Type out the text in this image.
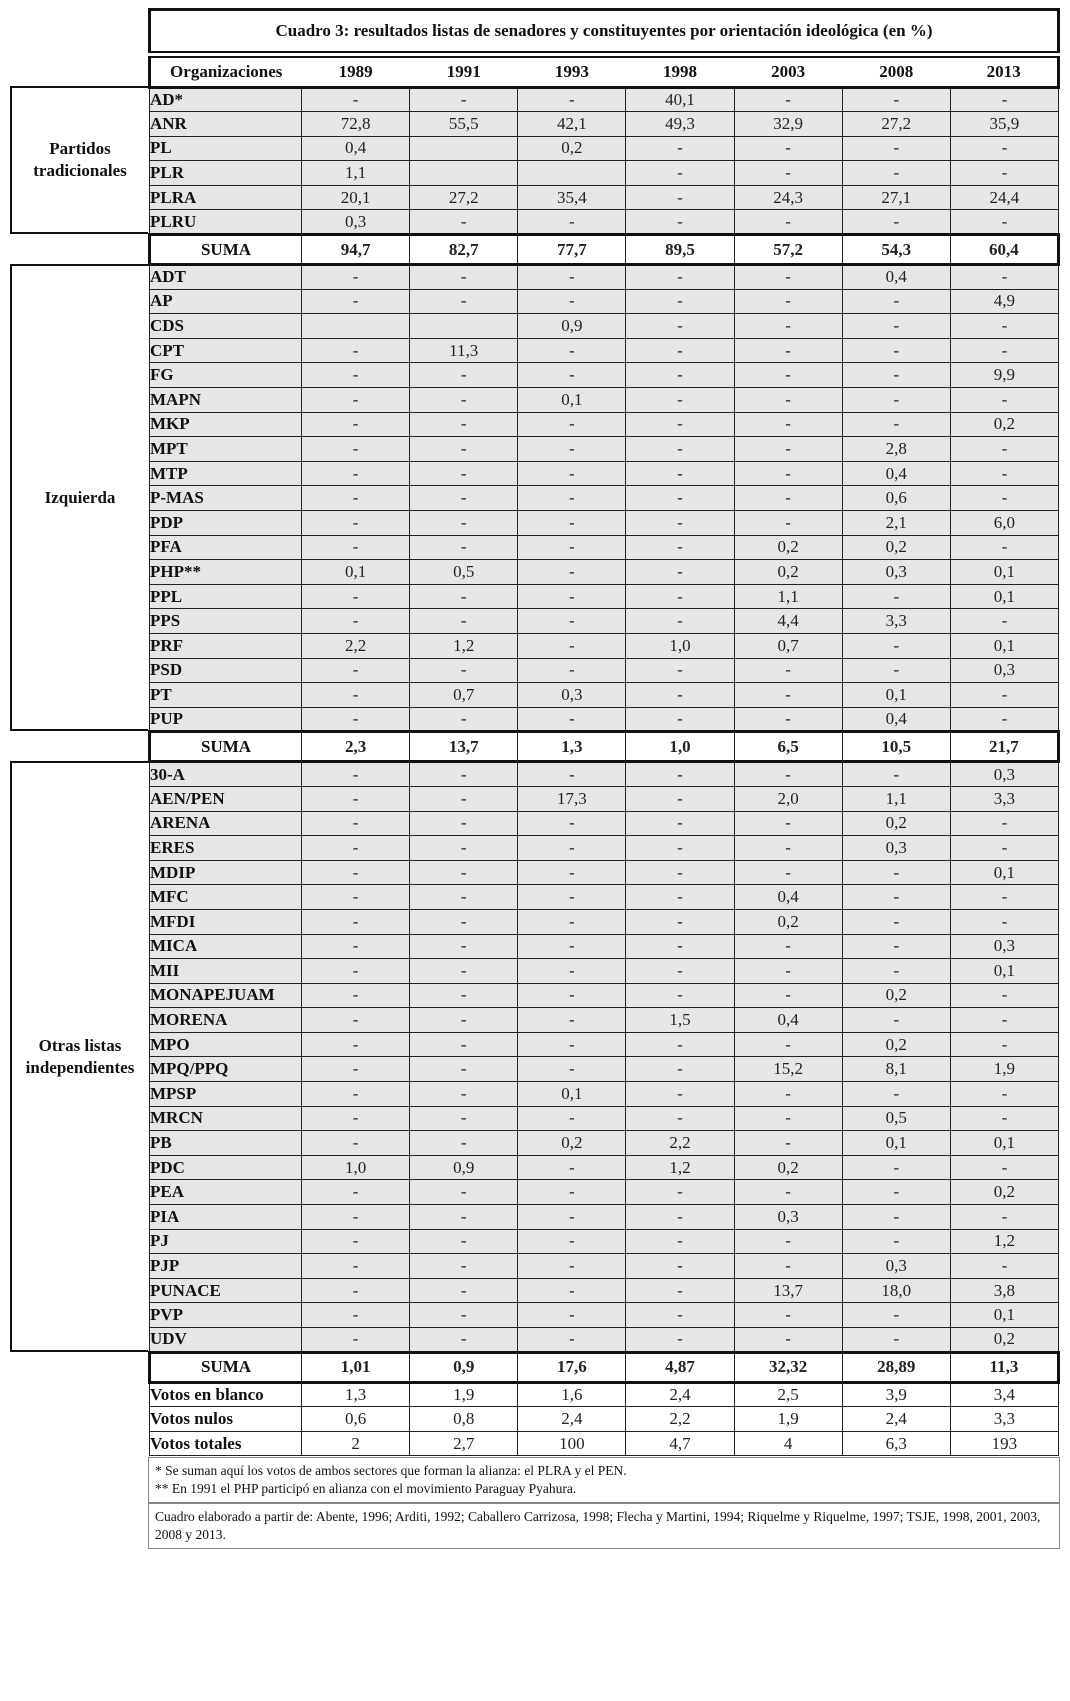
Cuadro 3: resultados listas de senadores y constituyentes por orientación ideológica (en %)
Partidos
tradicionales
Izquierda
Otras listas
independientes
Organizaciones	1989	1991	1993	1998	2003	2008	2013
AD*	-	-	-	40,1	-	-	-
ANR	72,8	55,5	42,1	49,3	32,9	27,2	35,9
PL	0,4		0,2	-	-	-	-
PLR	1,1			-	-	-	-
PLRA	20,1	27,2	35,4	-	24,3	27,1	24,4
PLRU	0,3	-	-	-	-	-	-
SUMA	94,7	82,7	77,7	89,5	57,2	54,3	60,4
ADT	-	-	-	-	-	0,4	-
AP	-	-	-	-	-	-	4,9
CDS			0,9	-	-	-	-
CPT	-	11,3	-	-	-	-	-
FG	-	-	-	-	-	-	9,9
MAPN	-	-	0,1	-	-	-	-
MKP	-	-	-	-	-	-	0,2
MPT	-	-	-	-	-	2,8	-
MTP	-	-	-	-	-	0,4	-
P-MAS	-	-	-	-	-	0,6	-
PDP	-	-	-	-	-	2,1	6,0
PFA	-	-	-	-	0,2	0,2	-
PHP**	0,1	0,5	-	-	0,2	0,3	0,1
PPL	-	-	-	-	1,1	-	0,1
PPS	-	-	-	-	4,4	3,3	-
PRF	2,2	1,2	-	1,0	0,7	-	0,1
PSD	-	-	-	-	-	-	0,3
PT	-	0,7	0,3	-	-	0,1	-
PUP	-	-	-	-	-	0,4	-
SUMA	2,3	13,7	1,3	1,0	6,5	10,5	21,7
30-A	-	-	-	-	-	-	0,3
AEN/PEN	-	-	17,3	-	2,0	1,1	3,3
ARENA	-	-	-	-	-	0,2	-
ERES	-	-	-	-	-	0,3	-
MDIP	-	-	-	-	-	-	0,1
MFC	-	-	-	-	0,4	-	-
MFDI	-	-	-	-	0,2	-	-
MICA	-	-	-	-	-	-	0,3
MII	-	-	-	-	-	-	0,1
MONAPEJUAM	-	-	-	-	-	0,2	-
MORENA	-	-	-	1,5	0,4	-	-
MPO	-	-	-	-	-	0,2	-
MPQ/PPQ	-	-	-	-	15,2	8,1	1,9
MPSP	-	-	0,1	-	-	-	-
MRCN	-	-	-	-	-	0,5	-
PB	-	-	0,2	2,2	-	0,1	0,1
PDC	1,0	0,9	-	1,2	0,2	-	-
PEA	-	-	-	-	-	-	0,2
PIA	-	-	-	-	0,3	-	-
PJ	-	-	-	-	-	-	1,2
PJP	-	-	-	-	-	0,3	-
PUNACE	-	-	-	-	13,7	18,0	3,8
PVP	-	-	-	-	-	-	0,1
UDV	-	-	-	-	-	-	0,2
SUMA	1,01	0,9	17,6	4,87	32,32	28,89	11,3
Votos en blanco	1,3	1,9	1,6	2,4	2,5	3,9	3,4
Votos nulos	0,6	0,8	2,4	2,2	1,9	2,4	3,3
Votos totales	2	2,7	100	4,7	4	6,3	193
* Se suman aquí los votos de ambos sectores que forman la alianza: el PLRA y el PEN.
** En 1991 el PHP participó en alianza con el movimiento Paraguay Pyahura.
Cuadro elaborado a partir de: Abente, 1996; Arditi, 1992; Caballero Carrizosa, 1998; Flecha y Martini, 1994; Riquelme y Riquelme, 1997; TSJE, 1998, 2001, 2003, 2008 y 2013.
